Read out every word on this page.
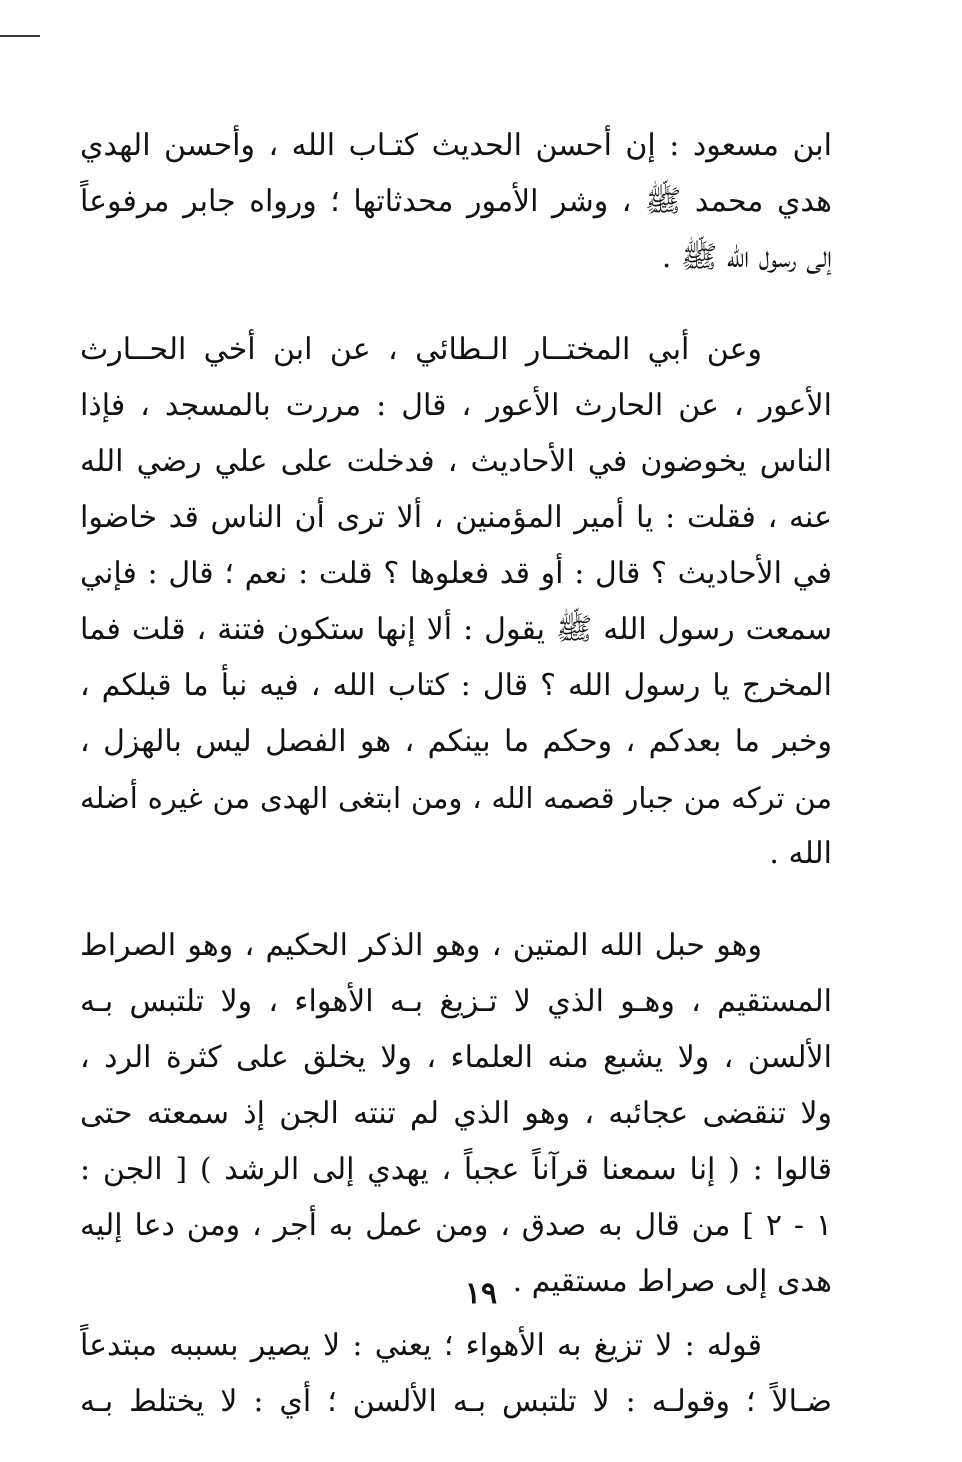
ابن مسعود : إن أحسن الحديث كتـاب الله ، وأحسن الهدي
هدي محمد ﷺ ، وشر الأمور محدثاتها ؛ ورواه جابر مرفوعاً
إلى رسول الله ﷺ .
وعن أبي المختــار الـطائي ، عن ابن أخي الحــارث
الأعور ، عن الحارث الأعور ، قال : مررت بالمسجد ، فإذا
الناس يخوضون في الأحاديث ، فدخلت على علي رضي الله
عنه ، فقلت : يا أمير المؤمنين ، ألا ترى أن الناس قد خاضوا
في الأحاديث ؟ قال : أو قد فعلوها ؟ قلت : نعم ؛ قال : فإني
سمعت رسول الله ﷺ يقول : ألا إنها ستكون فتنة ، قلت فما
المخرج يا رسول الله ؟ قال : كتاب الله ، فيه نبأ ما قبلكم ،
وخبر ما بعدكم ، وحكم ما بينكم ، هو الفصل ليس بالهزل ،
من تركه من جبار قصمه الله ، ومن ابتغى الهدى من غيره أضله
الله .
وهو حبل الله المتين ، وهو الذكر الحكيم ، وهو الصراط
المستقيم ، وهـو الذي لا تـزيغ بـه الأهواء ، ولا تلتبس بـه
الألسن ، ولا يشبع منه العلماء ، ولا يخلق على كثرة الرد ،
ولا تنقضى عجائبه ، وهو الذي لم تنته الجن إذ سمعته حتى
قالوا : ( إنا سمعنا قرآناً عجباً ، يهدي إلى الرشد ) [ الجن :
١ - ٢ ] من قال به صدق ، ومن عمل به أجر ، ومن دعا إليه
هدى إلى صراط مستقيم .
قوله : لا تزيغ به الأهواء ؛ يعني : لا يصير بسببه مبتدعاً
ضـالاً ؛ وقولـه : لا تلتبس بـه الألسن ؛ أي : لا يختلط بـه
١٩
